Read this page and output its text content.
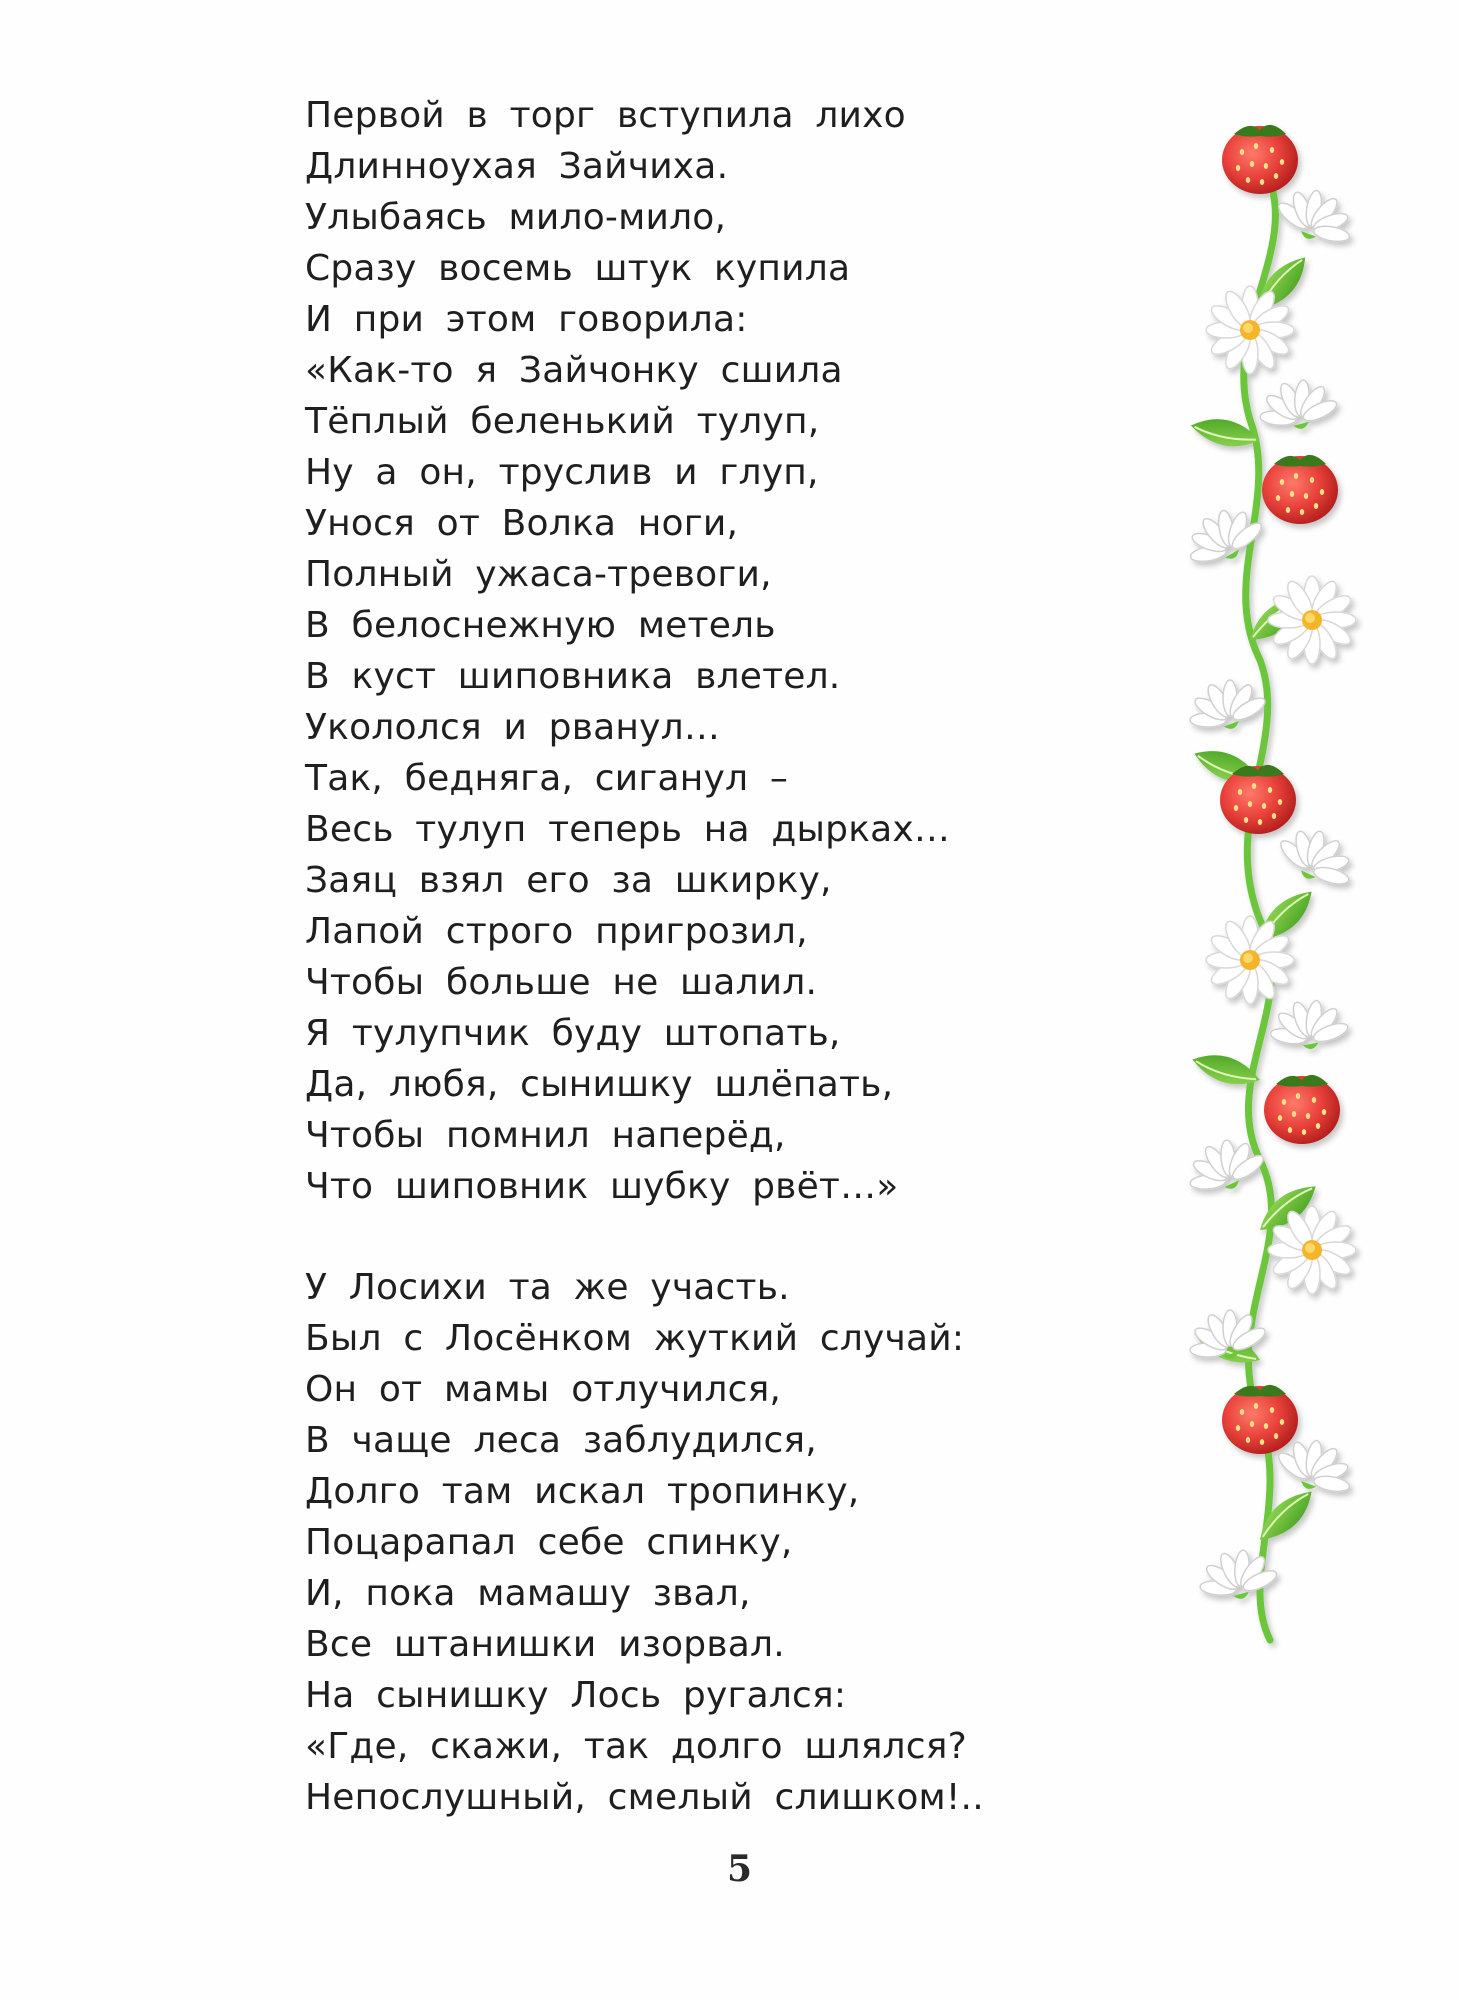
Первой в торг вступила лихо
Длинноухая Зайчиха.
Улыбаясь мило-мило,
Сразу восемь штук купила
И при этом говорила:
«Как-то я Зайчонку сшила
Тёплый беленький тулуп,
Ну а он, труслив и глуп,
Унося от Волка ноги,
Полный ужаса-тревоги,
В белоснежную метель
В куст шиповника влетел.
Укололся и рванул…
Так, бедняга, сиганул –
Весь тулуп теперь на дырках…
Заяц взял его за шкирку,
Лапой строго пригрозил,
Чтобы больше не шалил.
Я тулупчик буду штопать,
Да, любя, сынишку шлёпать,
Чтобы помнил наперёд,
Что шиповник шубку рвёт…»
У Лосихи та же участь.
Был с Лосёнком жуткий случай:
Он от мамы отлучился,
В чаще леса заблудился,
Долго там искал тропинку,
Поцарапал себе спинку,
И, пока мамашу звал,
Все штанишки изорвал.
На сынишку Лось ругался:
«Где, скажи, так долго шлялся?
Непослушный, смелый слишком!..
5
